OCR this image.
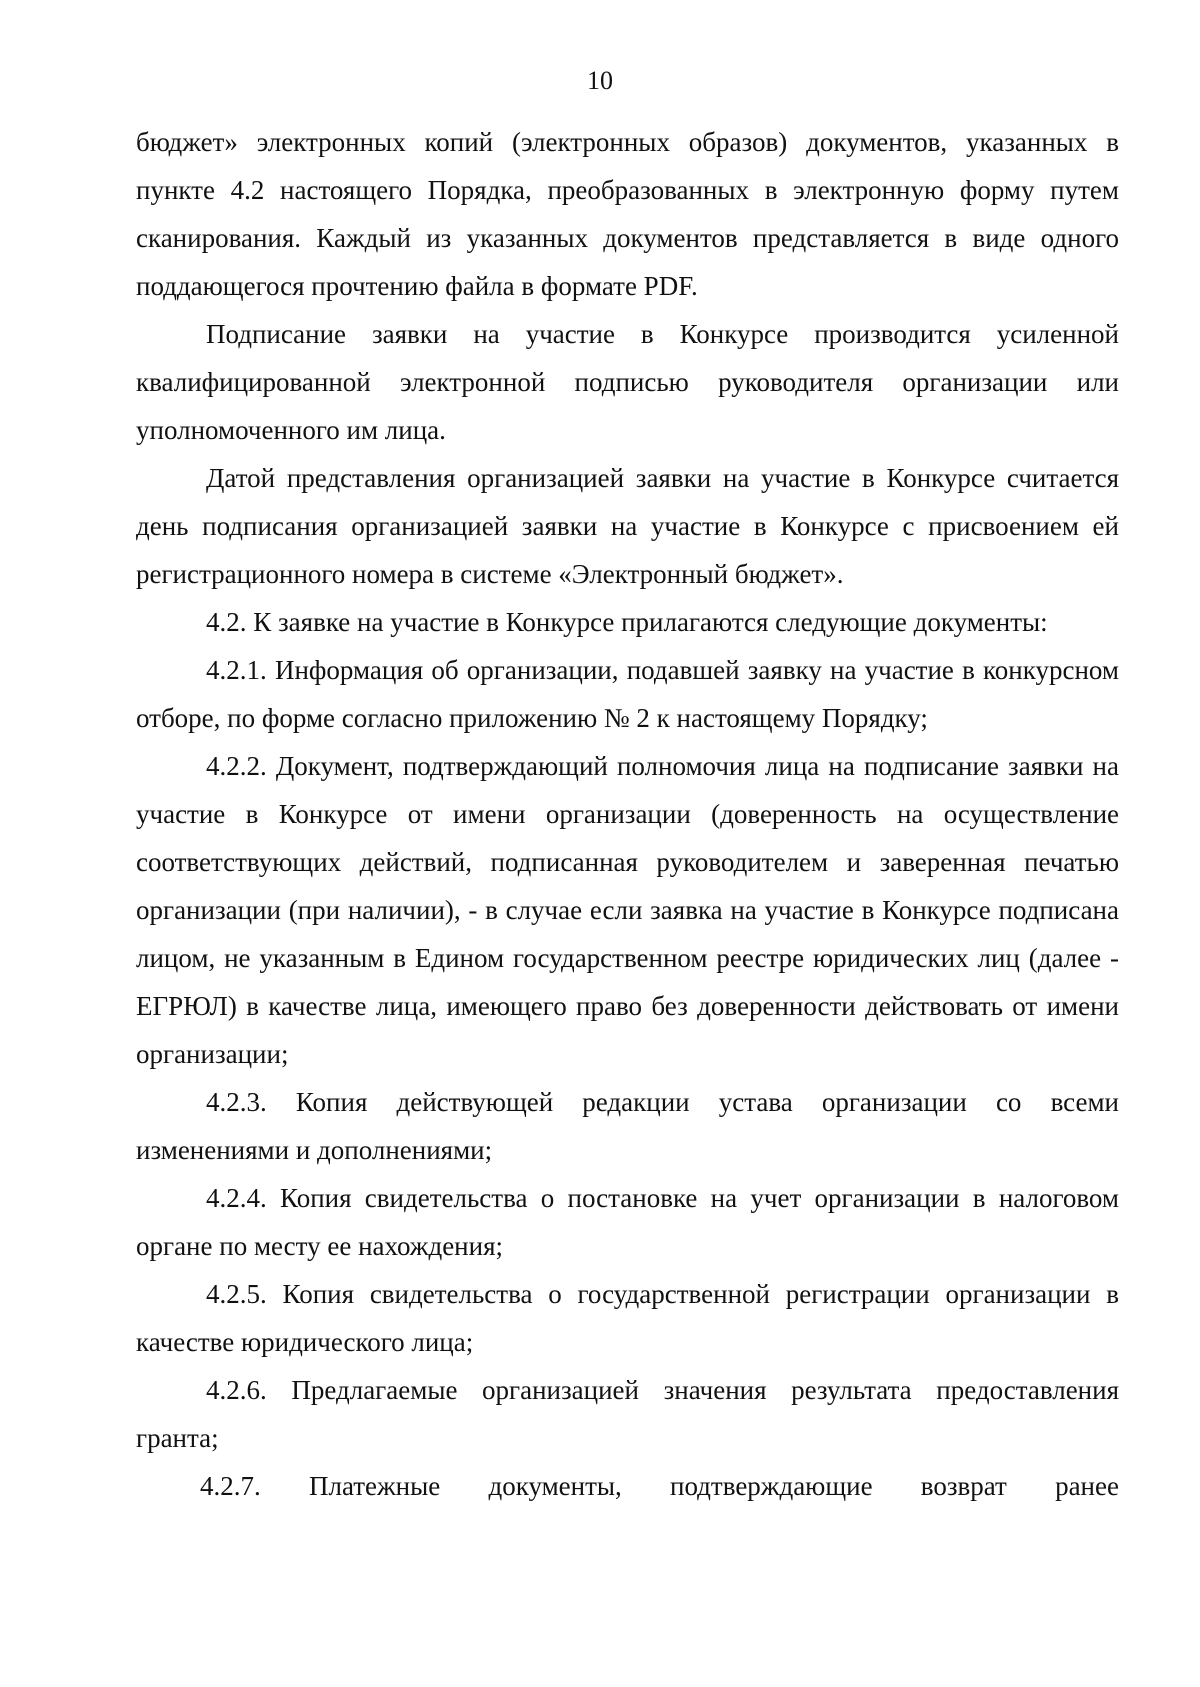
10

бюджет» электронных копий (электронных образов) документов, указанных в пункте 4.2 настоящего Порядка, преобразованных в электронную форму путем сканирования. Каждый из указанных документов представляется в виде одного поддающегося прочтению файла в формате PDF.

Подписание заявки на участие в Конкурсе производится усиленной квалифицированной электронной подписью руководителя организации или уполномоченного им лица.

Датой представления организацией заявки на участие в Конкурсе считается день подписания организацией заявки на участие в Конкурсе с присвоением ей регистрационного номера в системе «Электронный бюджет».

4.2. К заявке на участие в Конкурсе прилагаются следующие документы:

4.2.1. Информация об организации, подавшей заявку на участие в конкурсном отборе, по форме согласно приложению № 2 к настоящему Порядку;

4.2.2. Документ, подтверждающий полномочия лица на подписание заявки на участие в Конкурсе от имени организации (доверенность на осуществление соответствующих действий, подписанная руководителем и заверенная печатью организации (при наличии), - в случае если заявка на участие в Конкурсе подписана лицом, не указанным в Едином государственном реестре юридических лиц (далее - ЕГРЮЛ) в качестве лица, имеющего право без доверенности действовать от имени организации;

4.2.3. Копия действующей редакции устава организации со всеми изменениями и дополнениями;

4.2.4. Копия свидетельства о постановке на учет организации в налоговом органе по месту ее нахождения;

4.2.5. Копия свидетельства о государственной регистрации организации в качестве юридического лица;

4.2.6. Предлагаемые организацией значения результата предоставления гранта;

4.2.7. Платежные документы, подтверждающие возврат ранее
